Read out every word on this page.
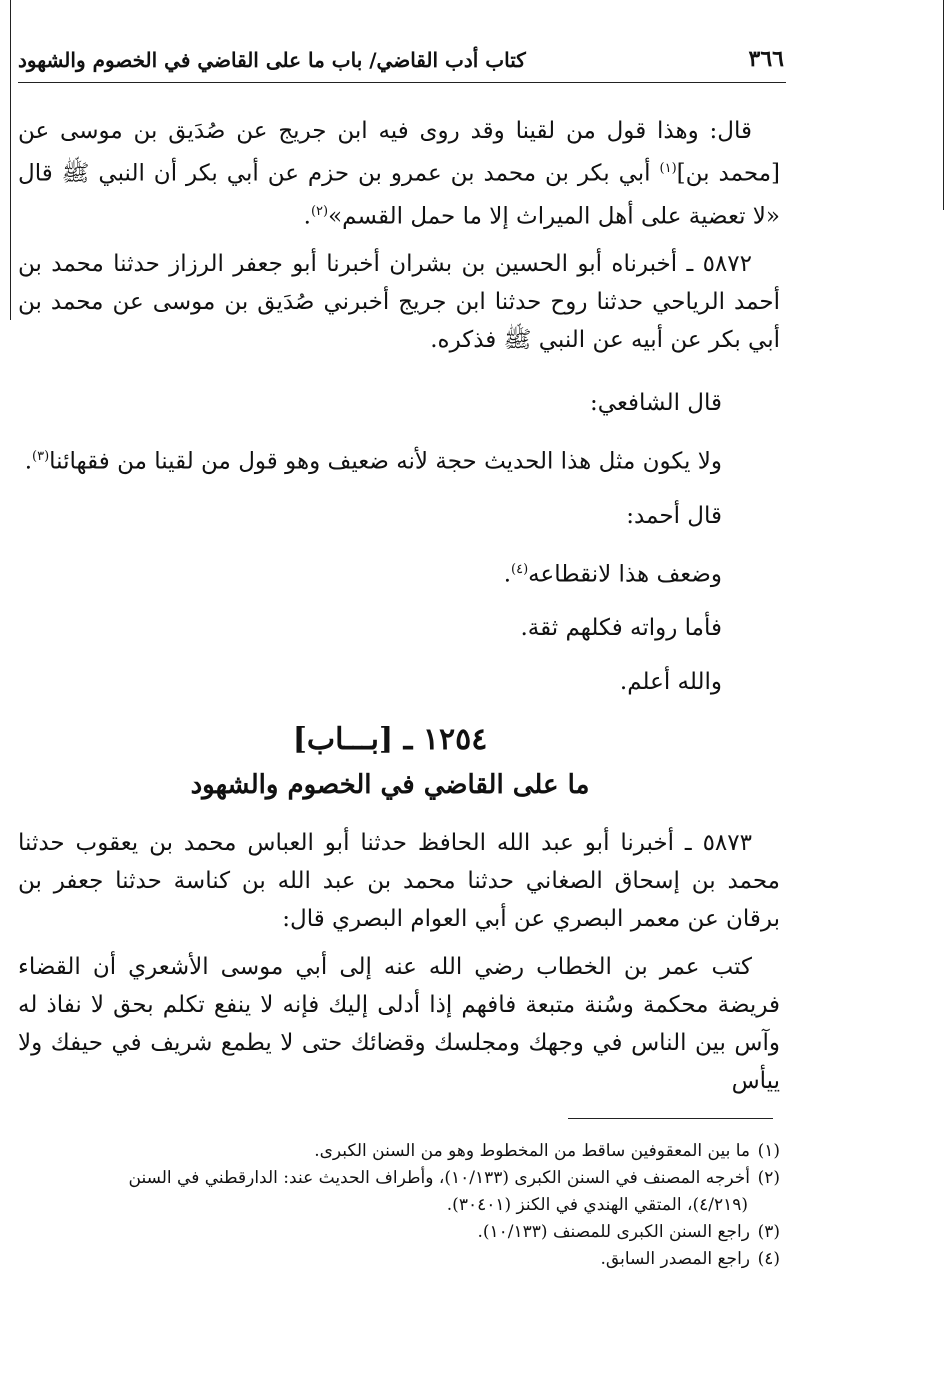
كتاب أدب القاضي/ باب ما على القاضي في الخصوم والشهود	٣٦٦

قال: وهذا قول من لقينا وقد روى فيه ابن جريج عن صُدَيق بن موسى عن [محمد بن]$^{(١)}$ أبي بكر بن محمد بن عمرو بن حزم عن أبي بكر أن النبي ﷺ قال «لا تعضية على أهل الميراث إلا ما حمل القسم»$^{(٢)}$.

٥٨٧٢ ـ أخبرناه أبو الحسين بن بشران أخبرنا أبو جعفر الرزاز حدثنا محمد بن أحمد الرياحي حدثنا روح حدثنا ابن جريج أخبرني صُدَيق بن موسى عن محمد بن أبي بكر عن أبيه عن النبي ﷺ فذكره.

قال الشافعي:

ولا يكون مثل هذا الحديث حجة لأنه ضعيف وهو قول من لقينا من فقهائنا$^{(٣)}$.

قال أحمد:

وضعف هذا لانقطاعه$^{(٤)}$.

فأما رواته فكلهم ثقة.

والله أعلم.

١٢٥٤ ـ [بـــاب]
ما على القاضي في الخصوم والشهود

٥٨٧٣ ـ أخبرنا أبو عبد الله الحافظ حدثنا أبو العباس محمد بن يعقوب حدثنا محمد بن إسحاق الصغاني حدثنا محمد بن عبد الله بن كناسة حدثنا جعفر بن برقان عن معمر البصري عن أبي العوام البصري قال:

كتب عمر بن الخطاب رضي الله عنه إلى أبي موسى الأشعري أن القضاء فريضة محكمة وسُنة متبعة فافهم إذا أدلى إليك فإنه لا ينفع تكلم بحق لا نفاذ له وآس بين الناس في وجهك ومجلسك وقضائك حتى لا يطمع شريف في حيفك ولا ييأس

(١)ما بين المعقوفين ساقط من المخطوط وهو من السنن الكبرى.

(٢)أخرجه المصنف في السنن الكبرى (١٠/١٣٣)، وأطراف الحديث عند: الدارقطني في السنن

(٤/٢١٩)، المتقي الهندي في الكنز (٣٠٤٠١).

(٣)راجع السنن الكبرى للمصنف (١٠/١٣٣).

(٤)راجع المصدر السابق.
